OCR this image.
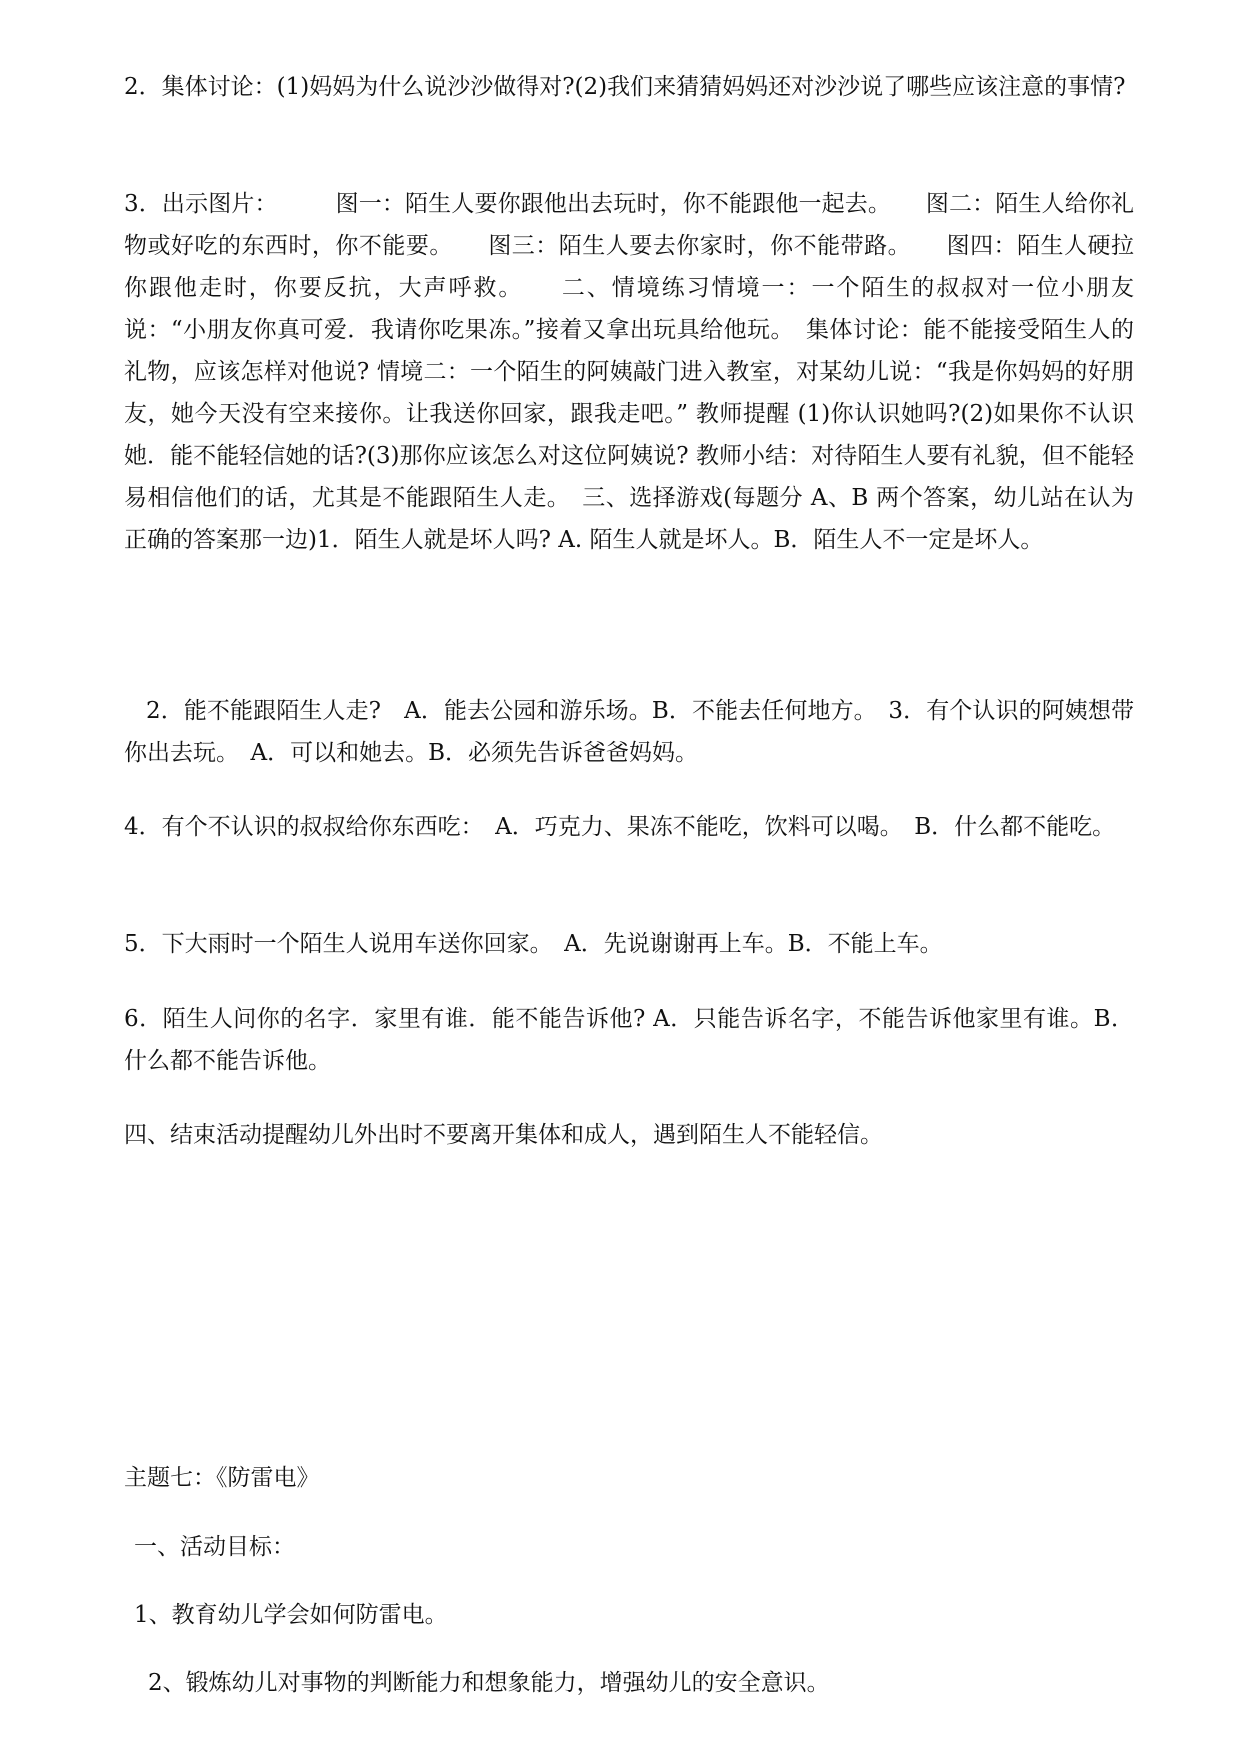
2．集体讨论：(1)妈妈为什么说沙沙做得对?(2)我们来猜猜妈妈还对沙沙说了哪些应该注意的事情?

3．出示图片：　　　图一：陌生人要你跟他出去玩时，你不能跟他一起去。　　图二：陌生人给你礼物或好吃的东西时，你不能要。　　图三：陌生人要去你家时，你不能带路。　　图四：陌生人硬拉你跟他走时，你要反抗，大声呼救。　　二、情境练习情境一：一个陌生的叔叔对一位小朋友说：“小朋友你真可爱．我请你吃果冻。”接着又拿出玩具给他玩。　集体讨论：能不能接受陌生人的礼物，应该怎样对他说? 情境二：一个陌生的阿姨敲门进入教室，对某幼儿说：“我是你妈妈的好朋友，她今天没有空来接你。让我送你回家，跟我走吧。” 教师提醒 (1)你认识她吗?(2)如果你不认识她．能不能轻信她的话?(3)那你应该怎么对这位阿姨说? 教师小结：对待陌生人要有礼貌，但不能轻易相信他们的话，尤其是不能跟陌生人走。　三、选择游戏(每题分 A、B 两个答案，幼儿站在认为正确的答案那一边)1．陌生人就是坏人吗? A. 陌生人就是坏人。B．陌生人不一定是坏人。

2．能不能跟陌生人走?　A．能去公园和游乐场。B．不能去任何地方。　3．有个认识的阿姨想带你出去玩。　A．可以和她去。B．必须先告诉爸爸妈妈。

4．有个不认识的叔叔给你东西吃：　A．巧克力、果冻不能吃，饮料可以喝。　B．什么都不能吃。

5．下大雨时一个陌生人说用车送你回家。　A．先说谢谢再上车。B．不能上车。

6．陌生人问你的名字．家里有谁．能不能告诉他? A．只能告诉名字，不能告诉他家里有谁。B．什么都不能告诉他。

四、结束活动提醒幼儿外出时不要离开集体和成人，遇到陌生人不能轻信。

主题七：《防雷电》

一、活动目标：

1、教育幼儿学会如何防雷电。

2、锻炼幼儿对事物的判断能力和想象能力，增强幼儿的安全意识。
